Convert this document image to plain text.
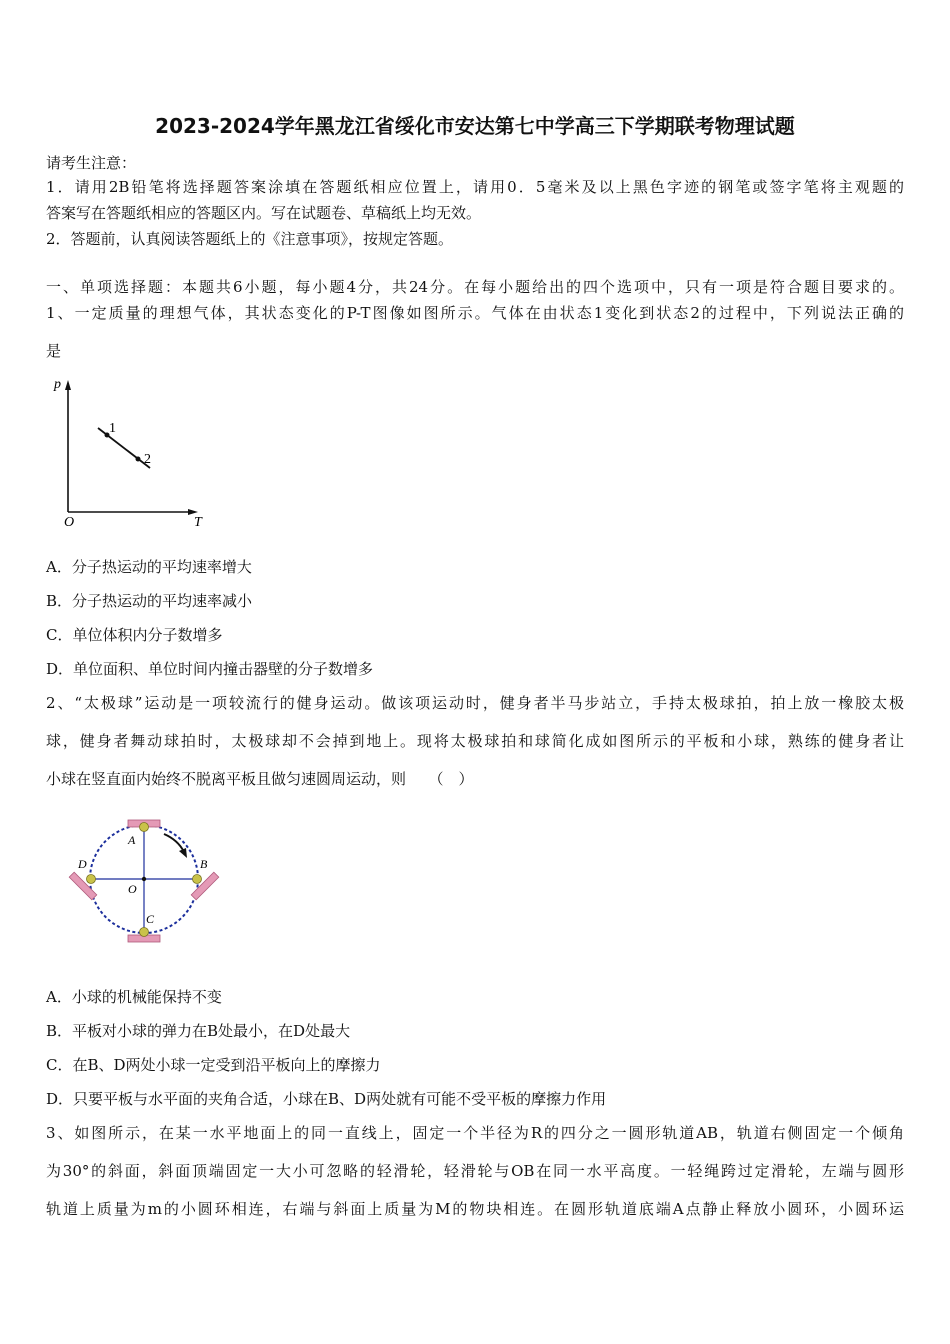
2023-2024学年黑龙江省绥化市安达第七中学高三下学期联考物理试题
请考生注意：
1．请用2B铅笔将选择题答案涂填在答题纸相应位置上，请用0．5毫米及以上黑色字迹的钢笔或签字笔将主观题的
答案写在答题纸相应的答题区内。写在试题卷、草稿纸上均无效。
2．答题前，认真阅读答题纸上的《注意事项》，按规定答题。
一、单项选择题：本题共6小题，每小题4分，共24分。在每小题给出的四个选项中，只有一项是符合题目要求的。
1、一定质量的理想气体，其状态变化的P-T图像如图所示。气体在由状态1变化到状态2的过程中，下列说法正确的
是
p
T
O
1
2
A．分子热运动的平均速率增大
B．分子热运动的平均速率减小
C．单位体积内分子数增多
D．单位面积、单位时间内撞击器壁的分子数增多
2、“太极球”运动是一项较流行的健身运动。做该项运动时，健身者半马步站立，手持太极球拍，拍上放一橡胶太极
球，健身者舞动球拍时，太极球却不会掉到地上。现将太极球拍和球简化成如图所示的平板和小球，熟练的健身者让
小球在竖直面内始终不脱离平板且做匀速圆周运动，则　　（　）
A
B
C
D
O
A．小球的机械能保持不变
B．平板对小球的弹力在B处最小，在D处最大
C．在B、D两处小球一定受到沿平板向上的摩擦力
D．只要平板与水平面的夹角合适，小球在B、D两处就有可能不受平板的摩擦力作用
3、如图所示，在某一水平地面上的同一直线上，固定一个半径为R的四分之一圆形轨道AB，轨道右侧固定一个倾角
为30°的斜面，斜面顶端固定一大小可忽略的轻滑轮，轻滑轮与OB在同一水平高度。一轻绳跨过定滑轮，左端与圆形
轨道上质量为m的小圆环相连，右端与斜面上质量为M的物块相连。在圆形轨道底端A点静止释放小圆环，小圆环运
